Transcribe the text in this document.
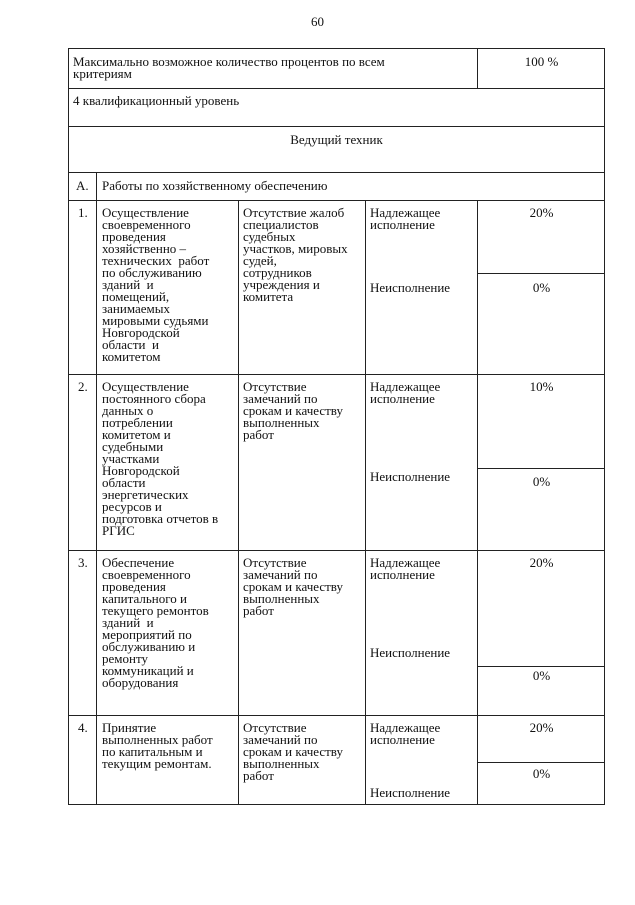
60
Максимально возможное количество процентов по всем
критериям
100 %
4 квалификационный уровень
Ведущий техник
А. Работы по хозяйственному обеспечению
1. Осуществление
своевременного
проведения
хозяйственно –
технических  работ
по обслуживанию
зданий  и
помещений,
занимаемых
мировыми судьями
Новгородской
области  и
комитетом
Отсутствие жалоб
специалистов
судебных
участков, мировых
судей,
сотрудников
учреждения и
комитета
Надлежащее
исполнение
20%
Неисполнение	0%
2. Осуществление
постоянного сбора
данных о
потреблении
комитетом и
судебными
участками
Новгородской
области
энергетических
ресурсов и
подготовка отчетов в
РГИС
Отсутствие
замечаний по
срокам и качеству
выполненных
работ
Надлежащее
исполнение
10%
Неисполнение	0%
3. Обеспечение
своевременного
проведения
капитального и
текущего ремонтов
зданий  и
мероприятий по
обслуживанию и
ремонту
коммуникаций и
оборудования
Отсутствие
замечаний по
срокам и качеству
выполненных
работ
Надлежащее
исполнение
20%
Неисполнение
0%
4. Принятие
выполненных работ
по капитальным и
текущим ремонтам.
Отсутствие
замечаний по
срокам и качеству
выполненных
работ
Надлежащее
исполнение
20%
Неисполнение
0%
